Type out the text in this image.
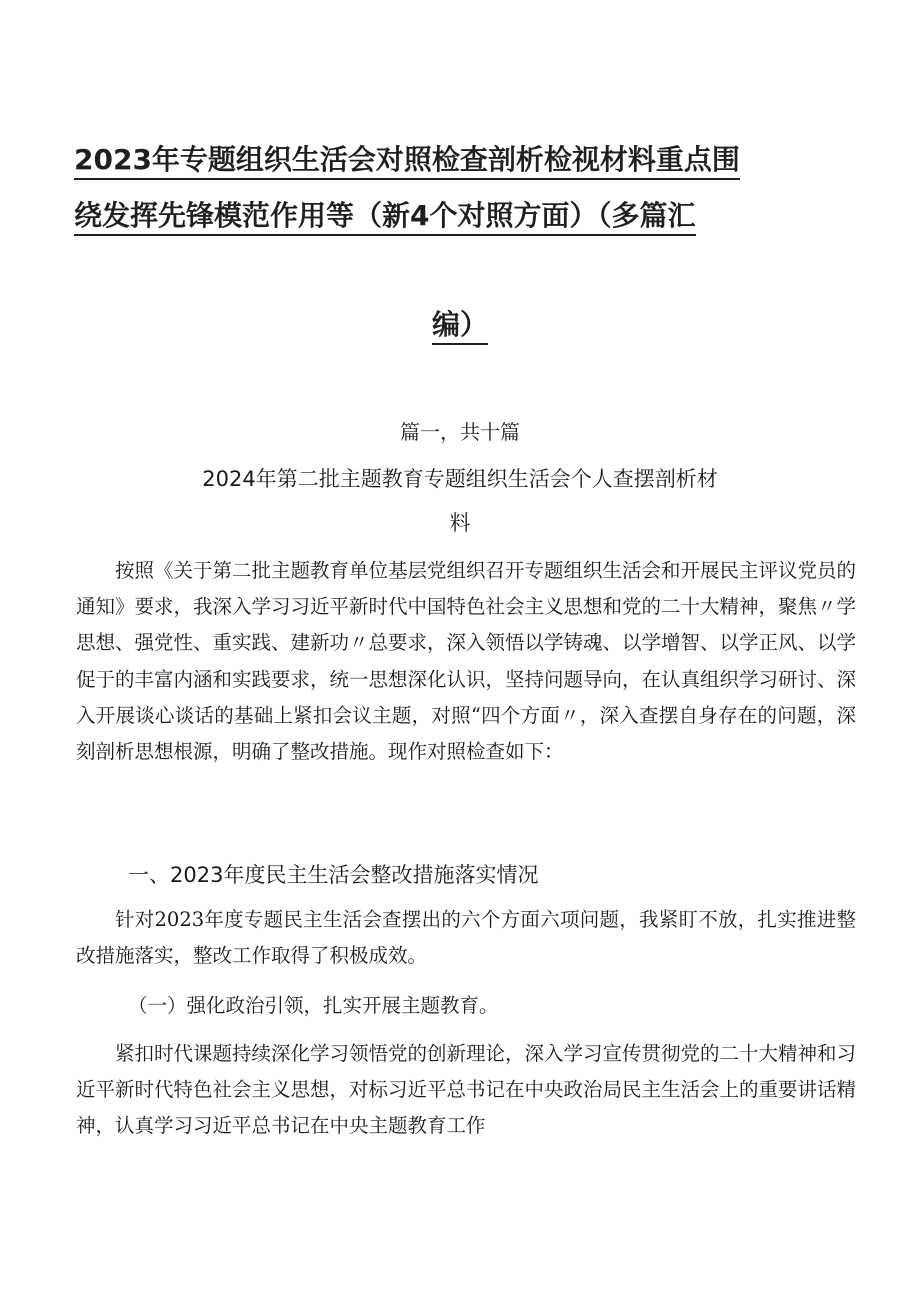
2023年专题组织生活会对照检查剖析检视材料重点围
绕发挥先锋模范作用等（新4个对照方面）（多篇汇
编）
篇一，共十篇
2024年第二批主题教育专题组织生活会个人查摆剖析材
料
按照《关于第二批主题教育单位基层党组织召开专题组织生活会和开展民主评议党员的通知》要求，我深入学习习近平新时代中国特色社会主义思想和党的二十大精神，聚焦〃学思想、强党性、重实践、建新功〃总要求，深入领悟以学铸魂、以学增智、以学正风、以学促于的丰富内涵和实践要求，统一思想深化认识，坚持问题导向，在认真组织学习研讨、深入开展谈心谈话的基础上紧扣会议主题，对照“四个方面〃，深入查摆自身存在的问题，深刻剖析思想根源，明确了整改措施。现作对照检查如下：
一、2023年度民主生活会整改措施落实情况
针对2023年度专题民主生活会查摆出的六个方面六项问题，我紧盯不放，扎实推进整改措施落实，整改工作取得了积极成效。
（一）强化政治引领，扎实开展主题教育。
紧扣时代课题持续深化学习领悟党的创新理论，深入学习宣传贯彻党的二十大精神和习近平新时代特色社会主义思想，对标习近平总书记在中央政治局民主生活会上的重要讲话精神，认真学习习近平总书记在中央主题教育工作
